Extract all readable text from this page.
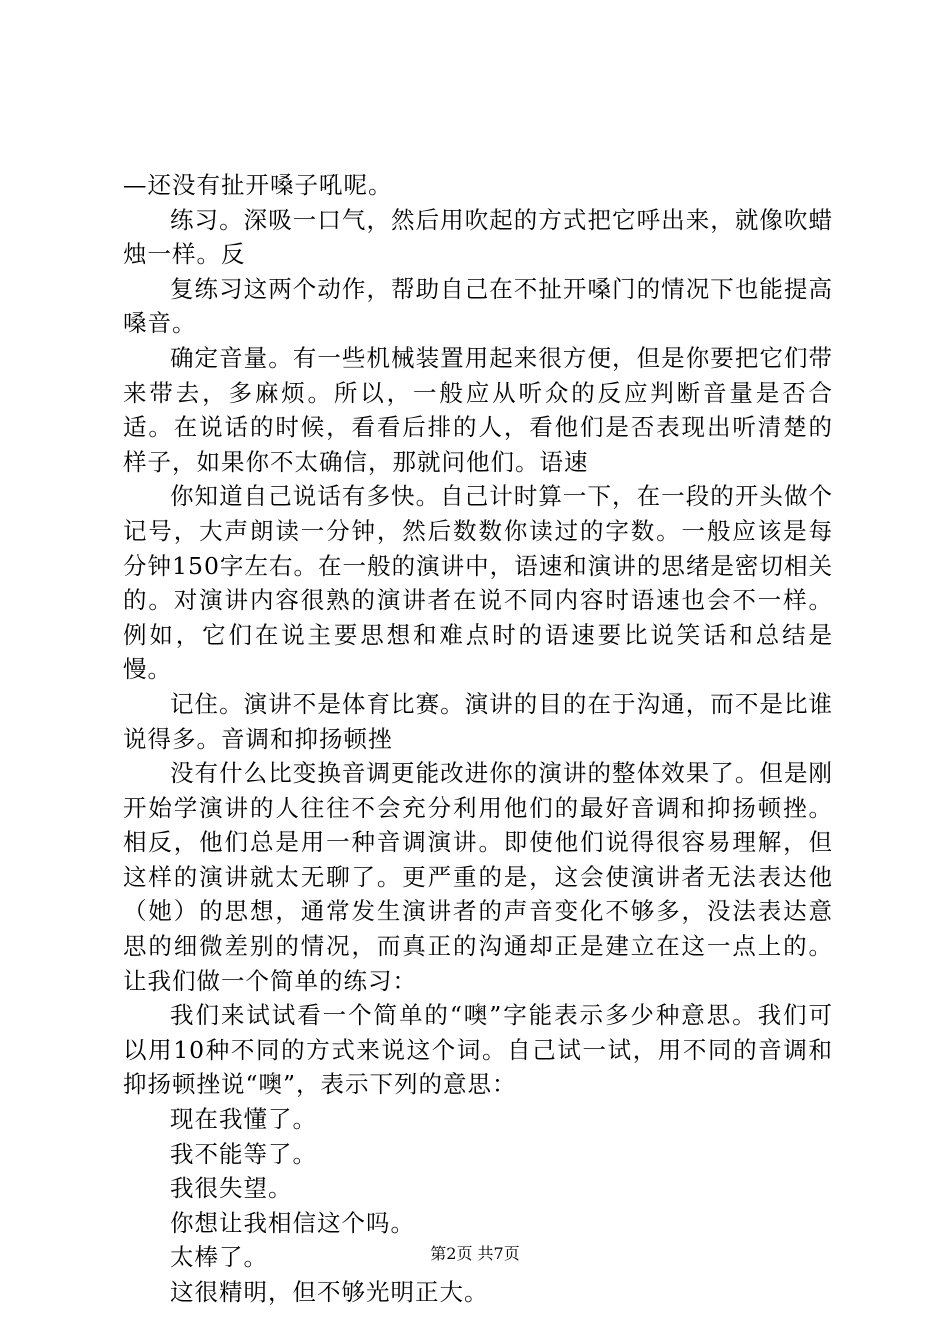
—还没有扯开嗓子吼呢。

练习。深吸一口气，然后用吹起的方式把它呼出来，就像吹蜡烛一样。反

复练习这两个动作，帮助自己在不扯开嗓门的情况下也能提高嗓音。

确定音量。有一些机械装置用起来很方便，但是你要把它们带来带去，多麻烦。所以，一般应从听众的反应判断音量是否合适。在说话的时候，看看后排的人，看他们是否表现出听清楚的样子，如果你不太确信，那就问他们。语速

你知道自己说话有多快。自己计时算一下，在一段的开头做个记号，大声朗读一分钟，然后数数你读过的字数。一般应该是每分钟150字左右。在一般的演讲中，语速和演讲的思绪是密切相关的。对演讲内容很熟的演讲者在说不同内容时语速也会不一样。例如，它们在说主要思想和难点时的语速要比说笑话和总结是慢。

记住。演讲不是体育比赛。演讲的目的在于沟通，而不是比谁说得多。音调和抑扬顿挫

没有什么比变换音调更能改进你的演讲的整体效果了。但是刚开始学演讲的人往往不会充分利用他们的最好音调和抑扬顿挫。相反，他们总是用一种音调演讲。即使他们说得很容易理解，但这样的演讲就太无聊了。更严重的是，这会使演讲者无法表达他（她）的思想，通常发生演讲者的声音变化不够多，没法表达意思的细微差别的情况，而真正的沟通却正是建立在这一点上的。让我们做一个简单的练习：

我们来试试看一个简单的“噢”字能表示多少种意思。我们可以用10种不同的方式来说这个词。自己试一试，用不同的音调和抑扬顿挫说“噢”，表示下列的意思：

现在我懂了。

我不能等了。

我很失望。

你想让我相信这个吗。

太棒了。

这很精明，但不够光明正大。

第2页 共7页
